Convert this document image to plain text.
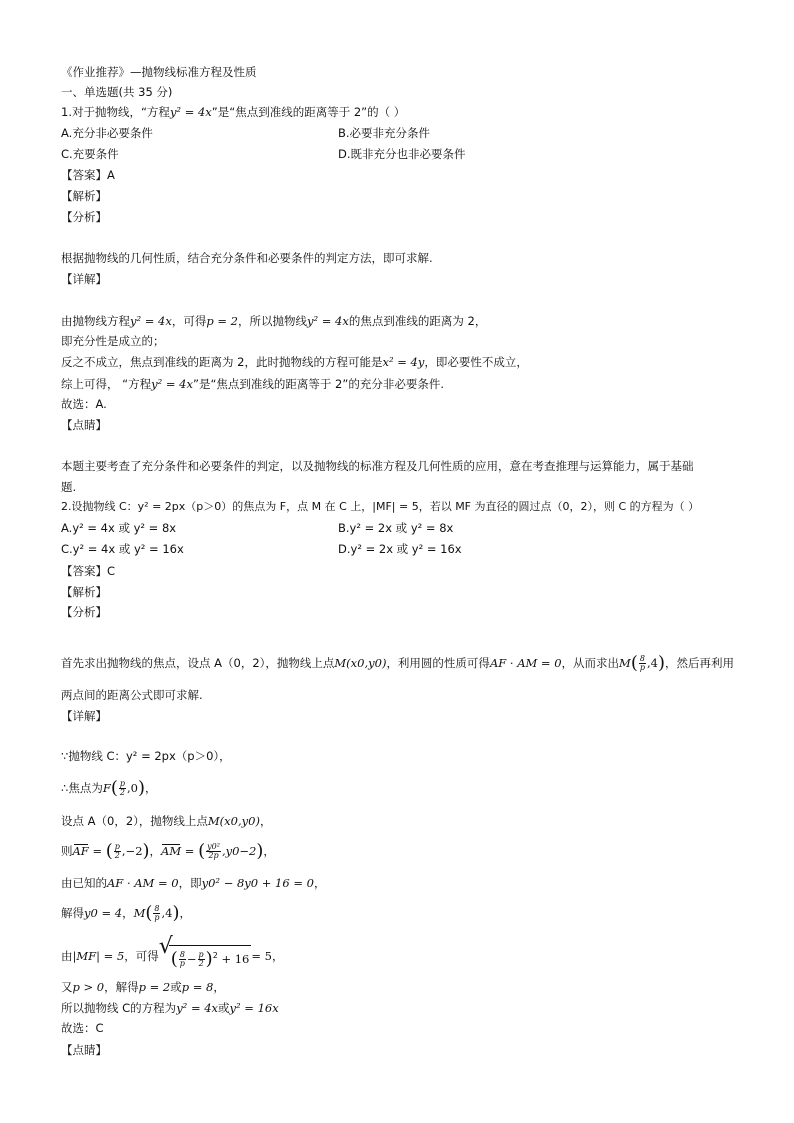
《作业推荐》—抛物线标准方程及性质
一、单选题(共 35 分)
1.对于抛物线，“方程y² = 4x”是“焦点到准线的距离等于 2”的（ ）
A.充分非必要条件	B.必要非充分条件
C.充要条件	D.既非充分也非必要条件
【答案】A
【解析】
【分析】
根据抛物线的几何性质，结合充分条件和必要条件的判定方法，即可求解.
【详解】
由抛物线方程y² = 4x，可得p = 2，所以抛物线y² = 4x的焦点到准线的距离为 2，
即充分性是成立的；
反之不成立，焦点到准线的距离为 2，此时抛物线的方程可能是x² = 4y，即必要性不成立，
综上可得， “方程y² = 4x”是“焦点到准线的距离等于 2”的充分非必要条件.
故选：A.
【点睛】
本题主要考查了充分条件和必要条件的判定，以及抛物线的标准方程及几何性质的应用，意在考查推理与运算能力，属于基础
题.
2.设抛物线 C：y² = 2px（p＞0）的焦点为 F，点 M 在 C 上，|MF| = 5，若以 MF 为直径的圆过点（0，2），则 C 的方程为（ ）
A.y² = 4x 或 y² = 8x	B.y² = 2x 或 y² = 8x
C.y² = 4x 或 y² = 16x	D.y² = 2x 或 y² = 16x
【答案】C
【解析】
【分析】
首先求出抛物线的焦点，设点 A（0，2），抛物线上点M(x0,y0)，利用圆的性质可得AF · AM = 0，从而求出$M( \frac{8}{p} ,4)$，然后再利用
两点间的距离公式即可求解.
【详解】
∵抛物线 C：y² = 2px（p＞0），
∴焦点为$F( \frac{p}{2} ,0)$，
设点 A（0，2），抛物线上点M(x0,y0)，
则AF = ( $\frac{p}{2} ,-2$)，AM = ( $\frac{\text{y0²}}{2p} ,y0-2$)，
由已知的AF · AM = 0，即y0² − 8y0 + 16 = 0，
解得y0 = 4，$M( \frac{8}{p} ,4)$，
由|MF| = 5，可得 √
( $\frac{8}{p} - \frac{p}{2} )^2 + 16 = 5$，
又p > 0，解得p = 2或p = 8，
所以抛物线 C的方程为y² = 4x或y² = 16x
故选：C
【点睛】
